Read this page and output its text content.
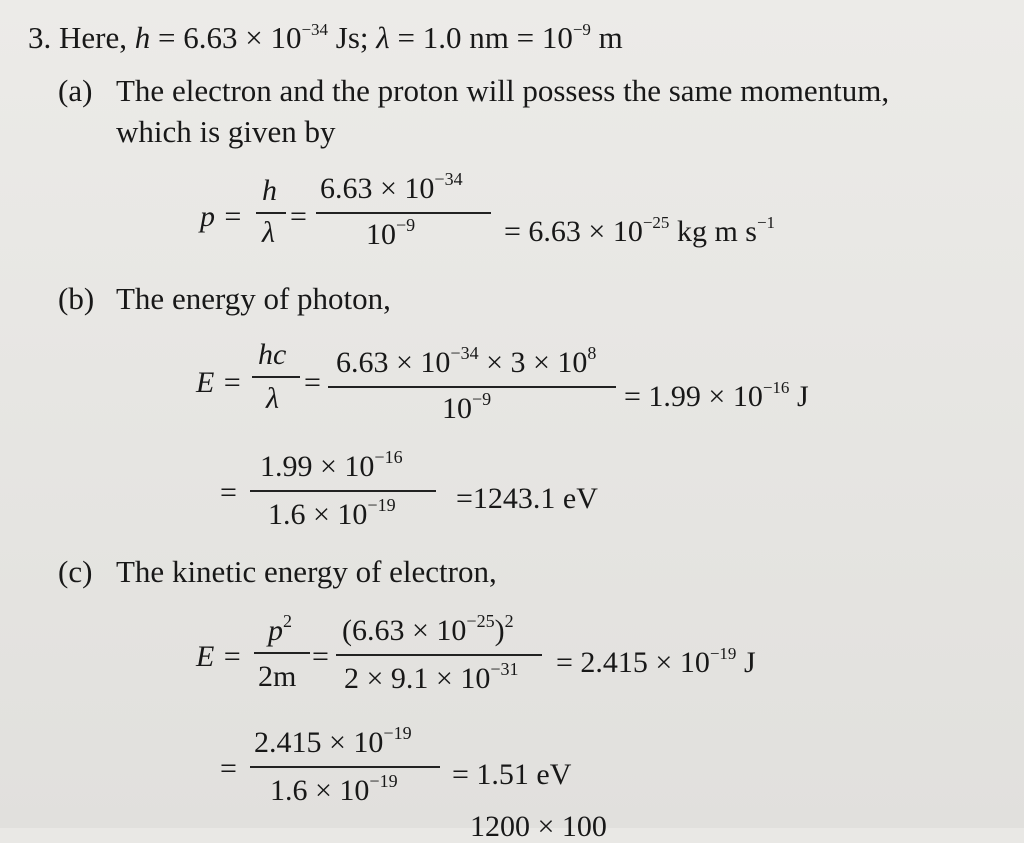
3. Here, $h = 6.63 \times 10^{-34}$ Js; λ = 1.0 nm = $10^{-9}$ m
(a) The electron and the proton will possess the same momentum,
which is given by
p =
h
λ =
$6.63 \times 10^{-34}$
$10^{-9}$	= $6.63 \times 10^{-25}$ kg m $s^{-1}$
(b) The energy of photon,
E =
hc
λ =
$6.63 \times 10^{-34} \times 3 \times 10^8$
$10^{-9}$	= $1.99 \times 10^{-16}$ J
=
$1.99 \times 10^{-16}$
$1.6 \times 10^{-19} =1243.1$ eV
(c) The kinetic energy of electron,
E =
$p^2$
2m
=
$(6.63 \times 10^{-25})^2$
$2 \times 9.1 \times 10^{-31} = 2.415 \times 10^{-19}$ J
=
$2.415 \times 10^{-19}$
$1.6 \times 10^{-19} = 1.51$ eV
1200 × 100
